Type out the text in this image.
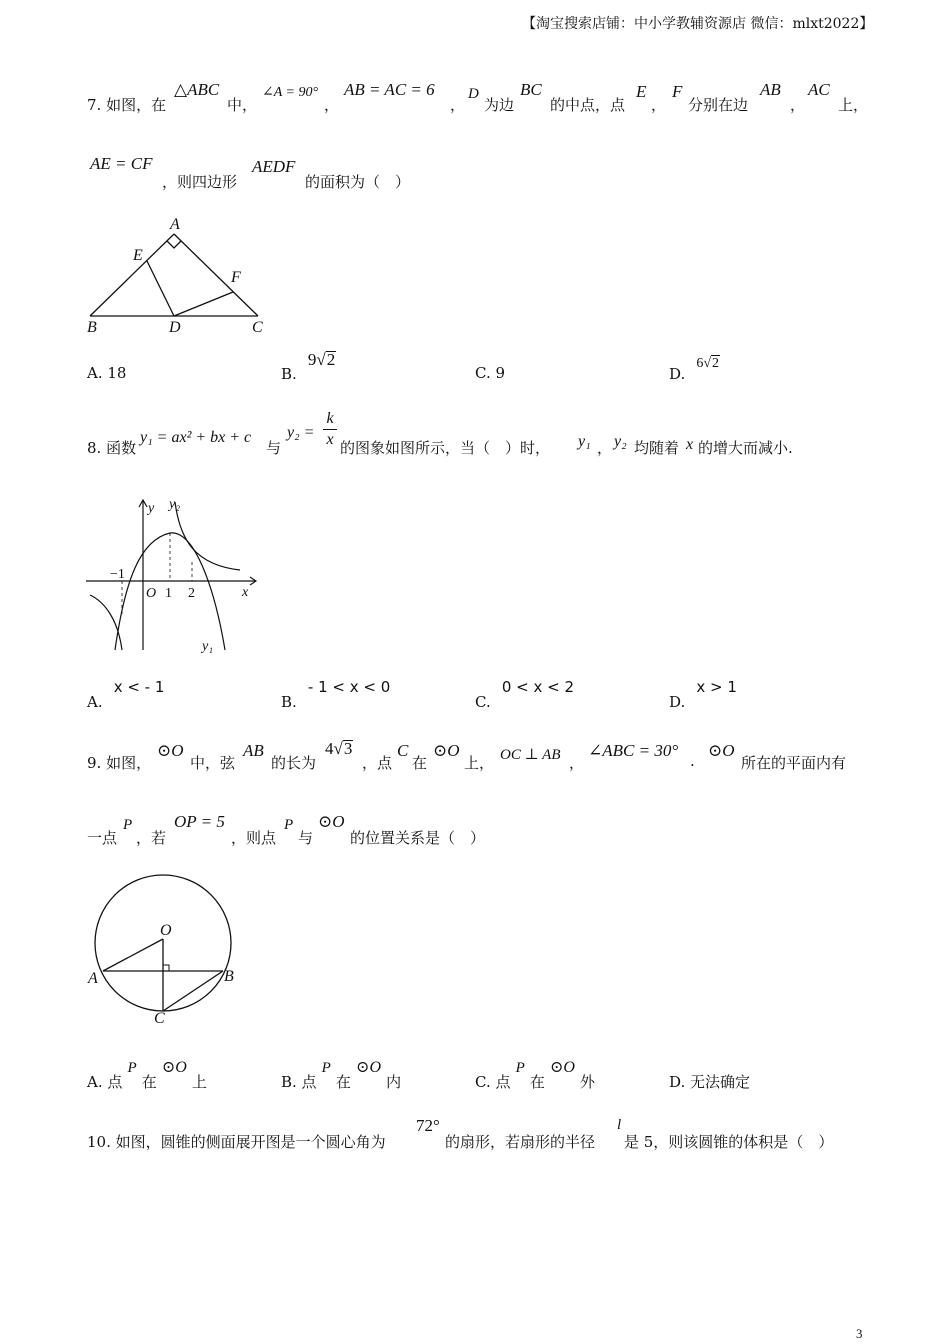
【淘宝搜索店铺：中小学教辅资源店 微信：mlxt2022】
7. 如图，在
△ABC
中，
∠A = 90°
，
AB = AC = 6
，
D
为边
BC
的中点，点
E
，
F
分别在边
AB
，
AC
上，
AE = CF
，则四边形
AEDF
的面积为（　）
A
E
F
B	D	C
A. 18	B. 9√2
C. 9	D. 6√2
8. 函数
y₁ = ax² + bx + c
与
y₂ =
k
x 的图象如图所示，当（　）时， y₁ ， y₂ 均随着 x 的增大而减小.
y y₂
−1
O 1 2	x
y₁
A. x < - 1
B. - 1 < x < 0
C. 0 < x < 2
D. x > 1
9. 如图，
⊙O
中，弦
AB
的长为
4√3
，点
C
在
⊙O
上， OC ⊥ AB ，
∠ABC = 30°
.
⊙O
所在的平面内有
一点
P
，若
OP = 5
，则点
P
与
⊙O
的位置关系是（　）
O
A	B
C
A. 点 P 在 ⊙O 上	B. 点 P 在 ⊙O 内	C. 点 P 在 ⊙O 外	D. 无法确定
10. 如图，圆锥的侧面展开图是一个圆心角为
72°
的扇形，若扇形的半径
l
是 5，则该圆锥的体积是（　）
3
